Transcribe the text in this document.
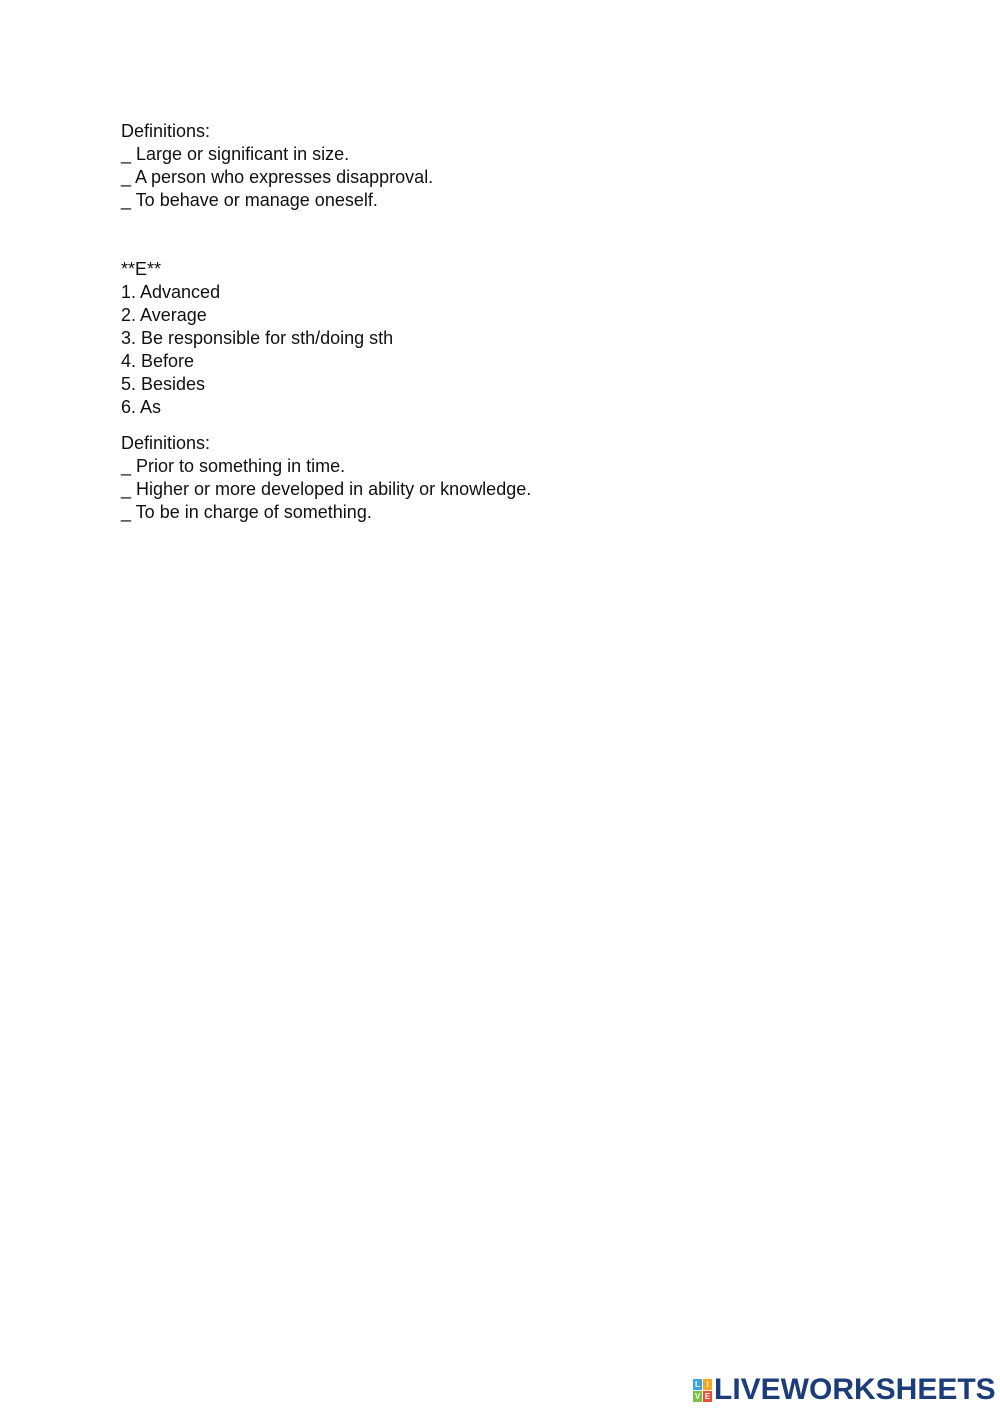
Definitions:
_ Large or significant in size.
_ A person who expresses disapproval.
_ To behave or manage oneself.
**E**
1. Advanced
2. Average
3. Be responsible for sth/doing sth
4. Before
5. Besides
6. As
Definitions:
_ Prior to something in time.
_ Higher or more developed in ability or knowledge.
_ To be in charge of something.
L I
V E LIVEWORKSHEETS
